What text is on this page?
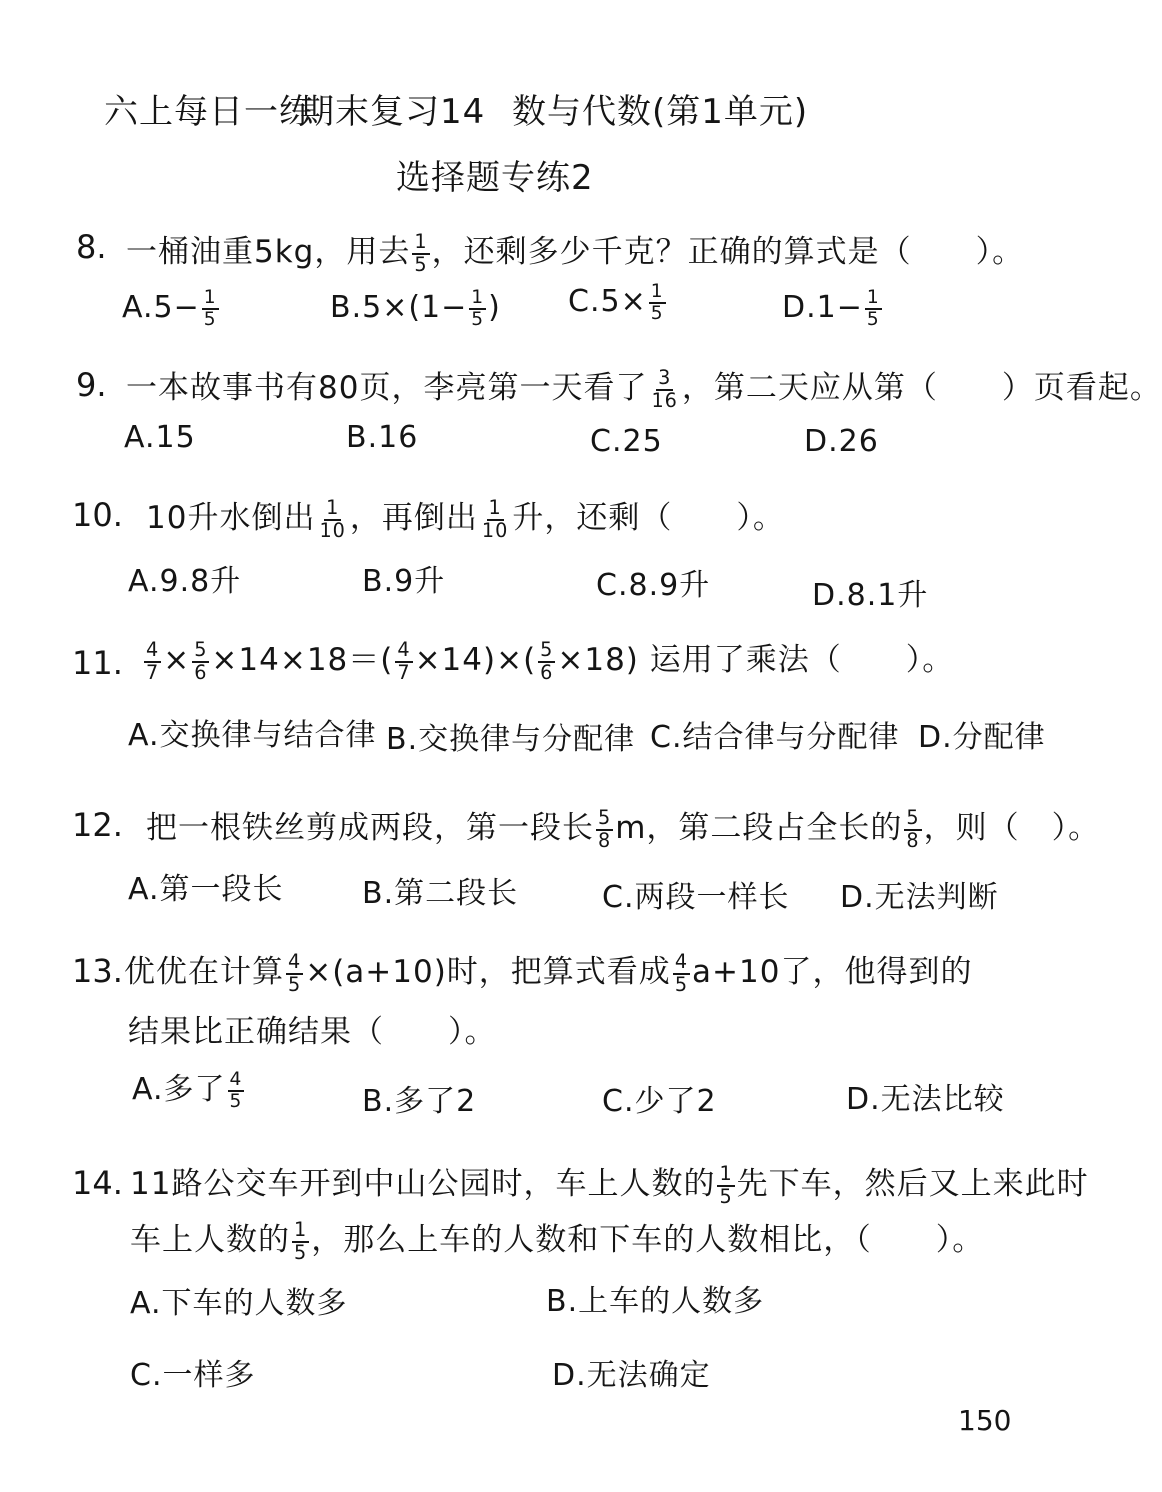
六上每日一练
期末复习14 数与代数(第1单元)
选择题专练2
8. 一桶油重5kg，用去 $\frac{1}{5}$ ，还剩多少千克？正确的算式是（　　）。
$A.5- \frac{1}{5}$	$B.5\times(1- \frac{1}{5}$ ) $C.5\times \frac{1}{5}$	$D.1- \frac{1}{5}$
9. 一本故事书有80页，李亮第一天看了 $\frac{3}{16}$ ，第二天应从第（　　）页看起。
A.15	B.16	C.25	D.26
10. 10升水倒出 $\frac{1}{10}$ ，再倒出 $\frac{1}{10}$ 升，还剩（　　）。
A.9.8升	B.9升	C.8.9升	D.8.1升
11. $\frac{4}{7} \times \frac{5}{6} \times 14\times 18=( \frac{4}{7} \times 14)\times( \frac{5}{6} \times 18)$ 运用了乘法（　　）。
A.交换律与结合律 B.交换律与分配律 C.结合律与分配律 D.分配律
12. 把一根铁丝剪成两段，第一段长 $\frac{5}{8}$ m，第二段占全长的 $\frac{5}{8}$ ，则（　）。
A.第一段长	B.第二段长	C.两段一样长 D.无法判断
13. 优优在计算 $\frac{4}{5} \times(a+10)$时，把算式看成 $\frac{4}{5} a+10$了，他得到的
结果比正确结果（　　）。
A.多了 $\frac{4}{5}$	B.多了2	C.少了2	D.无法比较
14. 11路公交车开到中山公园时，车上人数的 $\frac{1}{5}$ 先下车，然后又上来此时
车上人数的 $\frac{1}{5}$ ，那么上车的人数和下车的人数相比，（　　）。
A.下车的人数多	B.上车的人数多
C.一样多	D.无法确定
150
